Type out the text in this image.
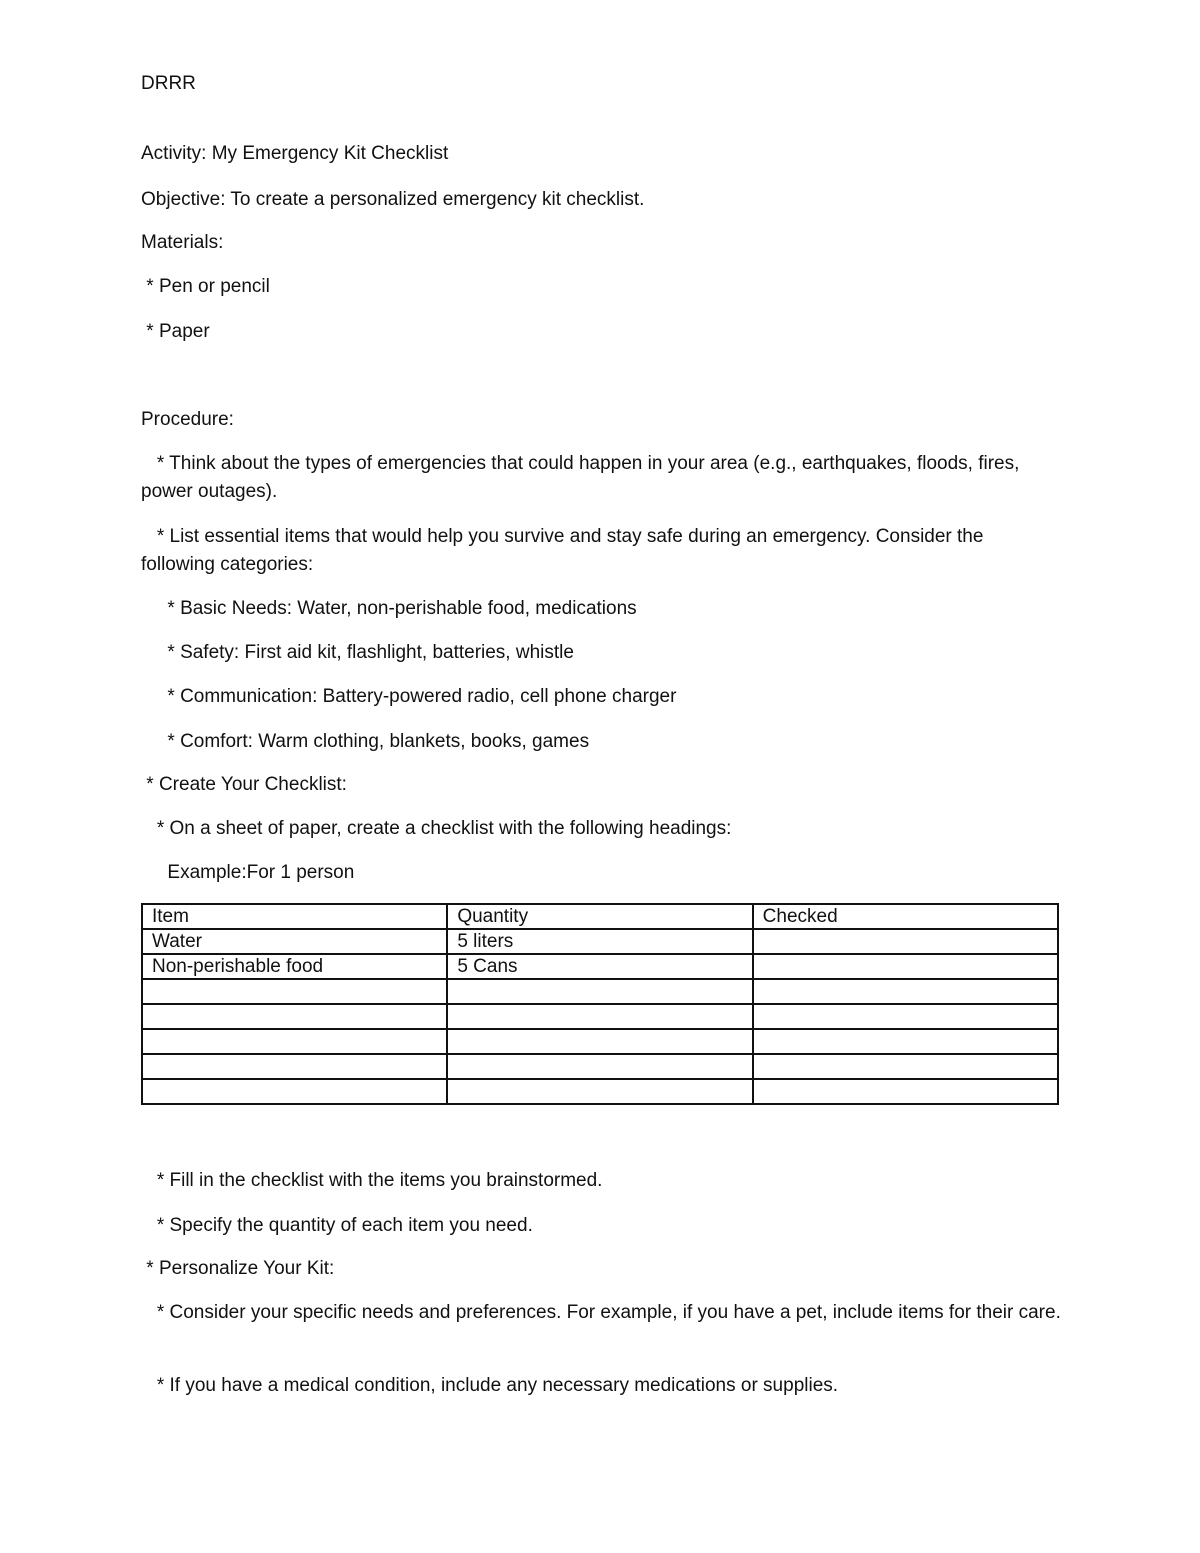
DRRR

Activity: My Emergency Kit Checklist

Objective: To create a personalized emergency kit checklist.

Materials:

* Pen or pencil

* Paper

Procedure:

* Think about the types of emergencies that could happen in your area (e.g., earthquakes, floods, fires, power outages).

* List essential items that would help you survive and stay safe during an emergency. Consider the following categories:

* Basic Needs: Water, non-perishable food, medications

* Safety: First aid kit, flashlight, batteries, whistle

* Communication: Battery-powered radio, cell phone charger

* Comfort: Warm clothing, blankets, books, games

* Create Your Checklist:

* On a sheet of paper, create a checklist with the following headings:

Example:For 1 person

Item	Quantity	Checked
Water	5 liters	
Non-perishable food	5 Cans	

* Fill in the checklist with the items you brainstormed.

* Specify the quantity of each item you need.

* Personalize Your Kit:

* Consider your specific needs and preferences. For example, if you have a pet, include items for their care.

* If you have a medical condition, include any necessary medications or supplies.
